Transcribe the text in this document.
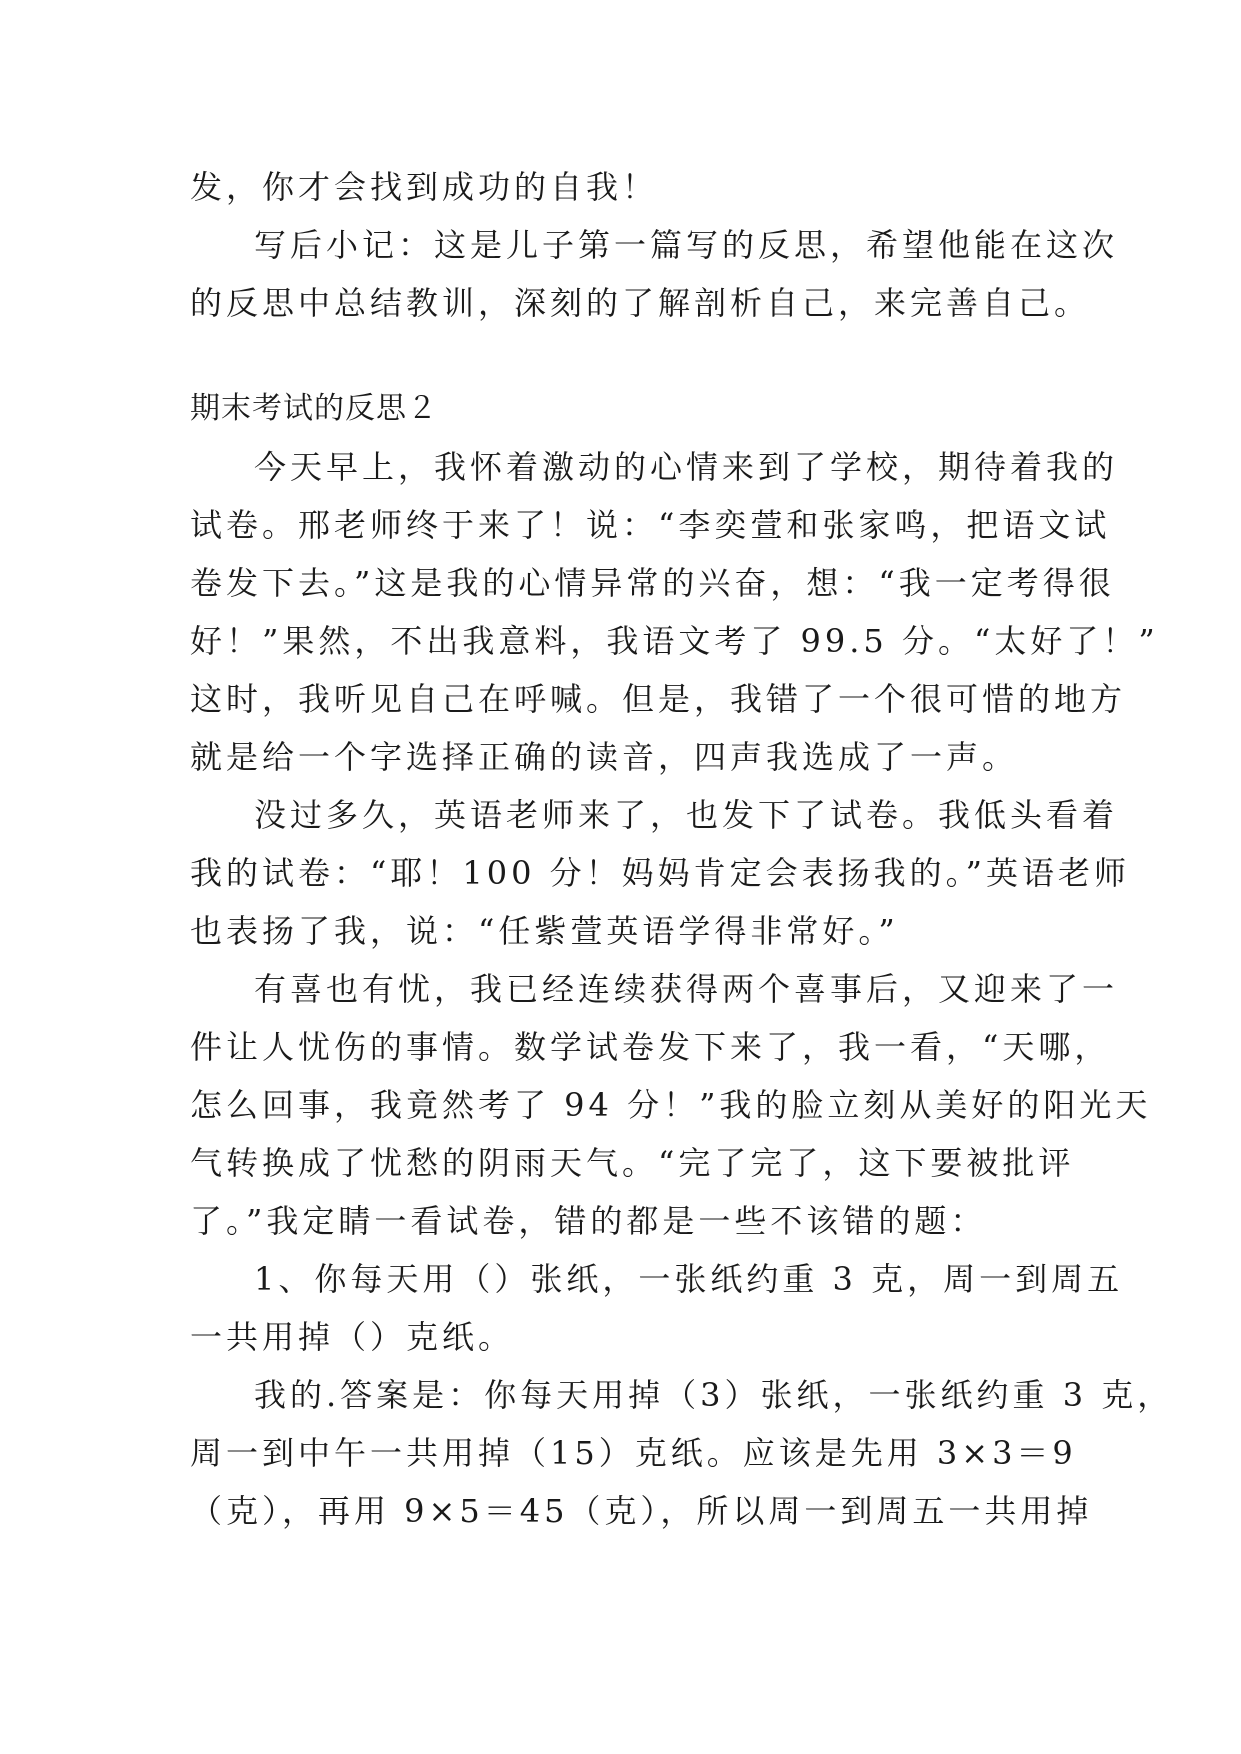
发，你才会找到成功的自我！
写后小记：这是儿子第一篇写的反思，希望他能在这次
的反思中总结教训，深刻的了解剖析自己，来完善自己。
期末考试的反思２
今天早上，我怀着激动的心情来到了学校，期待着我的
试卷。邢老师终于来了！说：“李奕萱和张家鸣，把语文试
卷发下去。”这是我的心情异常的兴奋，想：“我一定考得很
好！”果然，不出我意料，我语文考了 99.5 分。“太好了！”
这时，我听见自己在呼喊。但是，我错了一个很可惜的地方
就是给一个字选择正确的读音，四声我选成了一声。
没过多久，英语老师来了，也发下了试卷。我低头看着
我的试卷：“耶！100 分！妈妈肯定会表扬我的。”英语老师
也表扬了我，说：“任紫萱英语学得非常好。”
有喜也有忧，我已经连续获得两个喜事后，又迎来了一
件让人忧伤的事情。数学试卷发下来了，我一看，“天哪，
怎么回事，我竟然考了 94 分！”我的脸立刻从美好的阳光天
气转换成了忧愁的阴雨天气。“完了完了，这下要被批评
了。”我定睛一看试卷，错的都是一些不该错的题：
1、你每天用（）张纸，一张纸约重 3 克，周一到周五
一共用掉（）克纸。
我的.答案是：你每天用掉（3）张纸，一张纸约重 3 克，
周一到中午一共用掉（15）克纸。应该是先用 3×3＝9
（克），再用 9×5＝45（克），所以周一到周五一共用掉
